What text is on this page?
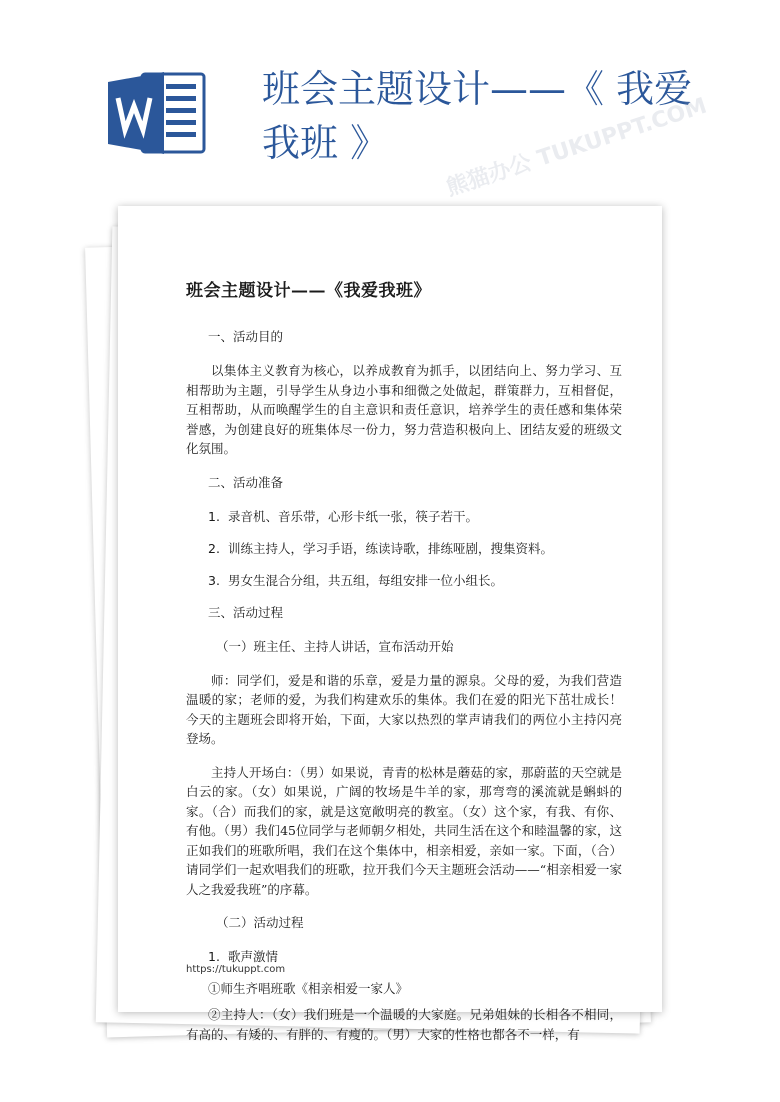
班会主题设计——《 我爱我班 》	熊猫办公 TUKUPPT.COM
班会主题设计——《我爱我班》
一、活动目的
以集体主义教育为核心，以养成教育为抓手，以团结向上、努力学习、互相帮助为主题，引导学生从身边小事和细微之处做起，群策群力，互相督促，互相帮助，从而唤醒学生的自主意识和责任意识，培养学生的责任感和集体荣誉感，为创建良好的班集体尽一份力，努力营造积极向上、团结友爱的班级文化氛围。
二、活动准备
1. 录音机、音乐带，心形卡纸一张，筷子若干。
2. 训练主持人，学习手语，练读诗歌，排练哑剧，搜集资料。
3. 男女生混合分组，共五组，每组安排一位小组长。
三、活动过程
（一）班主任、主持人讲话，宣布活动开始
师：同学们，爱是和谐的乐章，爱是力量的源泉。父母的爱，为我们营造温暖的家；老师的爱，为我们构建欢乐的集体。我们在爱的阳光下茁壮成长！今天的主题班会即将开始，下面，大家以热烈的掌声请我们的两位小主持闪亮登场。
主持人开场白：（男）如果说，青青的松林是蘑菇的家，那蔚蓝的天空就是白云的家。（女）如果说，广阔的牧场是牛羊的家，那弯弯的溪流就是蝌蚪的家。（合）而我们的家，就是这宽敞明亮的教室。（女）这个家，有我、有你、有他。（男）我们45位同学与老师朝夕相处，共同生活在这个和睦温馨的家，这正如我们的班歌所唱，我们在这个集体中，相亲相爱，亲如一家。下面，（合）请同学们一起欢唱我们的班歌，拉开我们今天主题班会活动——“相亲相爱一家人之我爱我班”的序幕。
（二）活动过程
1. 歌声激情
①师生齐唱班歌《相亲相爱一家人》
②主持人：（女）我们班是一个温暖的大家庭。兄弟姐妹的长相各不相同，有高的、有矮的、有胖的、有瘦的。（男）大家的性格也都各不一样，有
https://tukuppt.com
